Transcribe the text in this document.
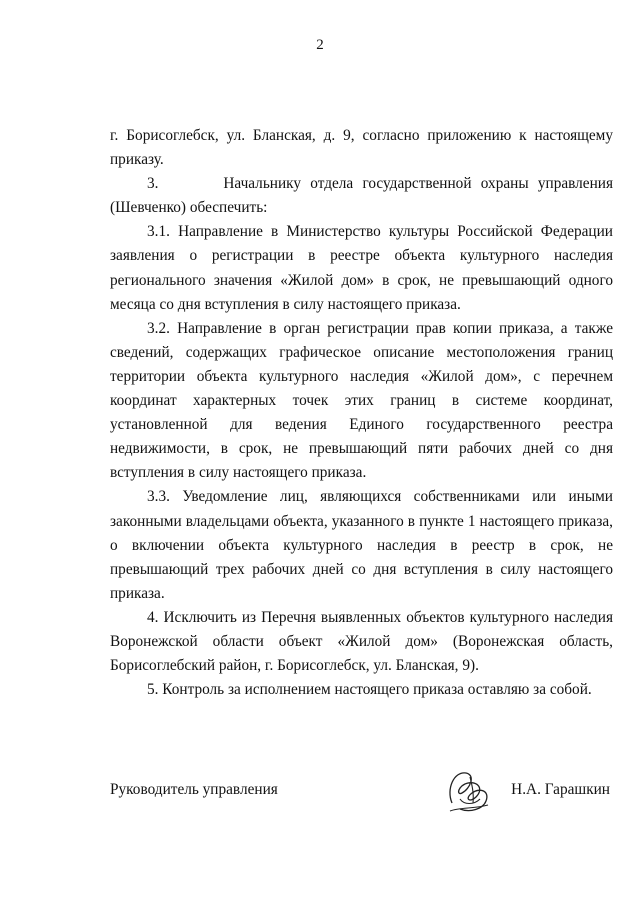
2

г. Борисоглебск, ул. Бланская, д. 9, согласно приложению к настоящему приказу.

3.       Начальнику отдела государственной охраны управления (Шевченко) обеспечить:

3.1. Направление в Министерство культуры Российской Федерации заявления о регистрации в реестре объекта культурного наследия регионального значения «Жилой дом» в срок, не превышающий одного месяца со дня вступления в силу настоящего приказа.

3.2. Направление в орган регистрации прав копии приказа, а также сведений, содержащих графическое описание местоположения границ территории объекта культурного наследия «Жилой дом», с перечнем координат характерных точек этих границ в системе координат, установленной для ведения Единого государственного реестра недвижимости, в срок, не превышающий пяти рабочих дней со дня вступления в силу настоящего приказа.

3.3. Уведомление лиц, являющихся собственниками или иными законными владельцами объекта, указанного в пункте 1 настоящего приказа, о включении объекта культурного наследия в реестр в срок, не превышающий трех рабочих дней со дня вступления в силу настоящего приказа.

4. Исключить из Перечня выявленных объектов культурного наследия Воронежской области объект «Жилой дом» (Воронежская область, Борисоглебский район, г. Борисоглебск, ул. Бланская, 9).

5. Контроль за исполнением настоящего приказа оставляю за собой.

Руководитель управления	Н.А. Гарашкин
